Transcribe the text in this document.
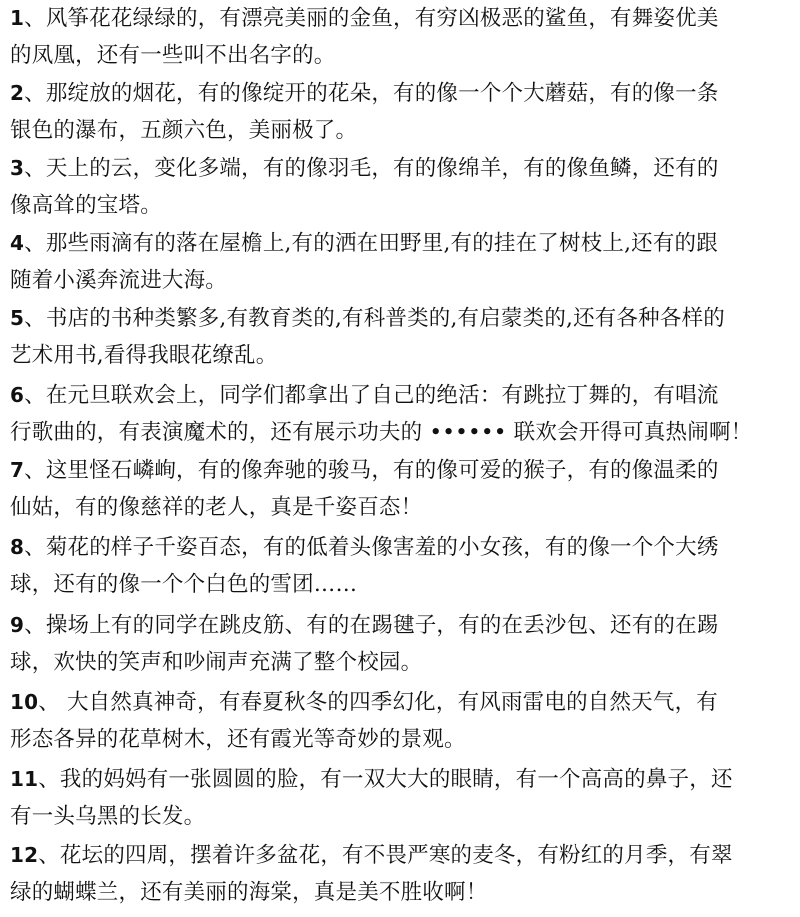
1、风筝花花绿绿的，有漂亮美丽的金鱼，有穷凶极恶的鲨鱼，有舞姿优美
的凤凰，还有一些叫不出名字的。
2、那绽放的烟花，有的像绽开的花朵，有的像一个个大蘑菇，有的像一条
银色的瀑布，五颜六色，美丽极了。
3、天上的云，变化多端，有的像羽毛，有的像绵羊，有的像鱼鳞，还有的
像高耸的宝塔。
4、那些雨滴有的落在屋檐上,有的洒在田野里,有的挂在了树枝上,还有的跟
随着小溪奔流进大海。
5、书店的书种类繁多,有教育类的,有科普类的,有启蒙类的,还有各种各样的
艺术用书,看得我眼花缭乱。
6、在元旦联欢会上，同学们都拿出了自己的绝活：有跳拉丁舞的，有唱流
行歌曲的，有表演魔术的，还有展示功夫的 •••••• 联欢会开得可真热闹啊！
7、这里怪石嶙峋，有的像奔驰的骏马，有的像可爱的猴子，有的像温柔的
仙姑，有的像慈祥的老人，真是千姿百态！
8、菊花的样子千姿百态，有的低着头像害羞的小女孩，有的像一个个大绣
球，还有的像一个个白色的雪团……
9、操场上有的同学在跳皮筋、有的在踢毽子，有的在丢沙包、还有的在踢
球，欢快的笑声和吵闹声充满了整个校园。
10、 大自然真神奇，有春夏秋冬的四季幻化，有风雨雷电的自然天气，有
形态各异的花草树木，还有霞光等奇妙的景观。
11、我的妈妈有一张圆圆的脸，有一双大大的眼睛，有一个高高的鼻子，还
有一头乌黑的长发。
12、花坛的四周，摆着许多盆花，有不畏严寒的麦冬，有粉红的月季，有翠
绿的蝴蝶兰，还有美丽的海棠，真是美不胜收啊！
